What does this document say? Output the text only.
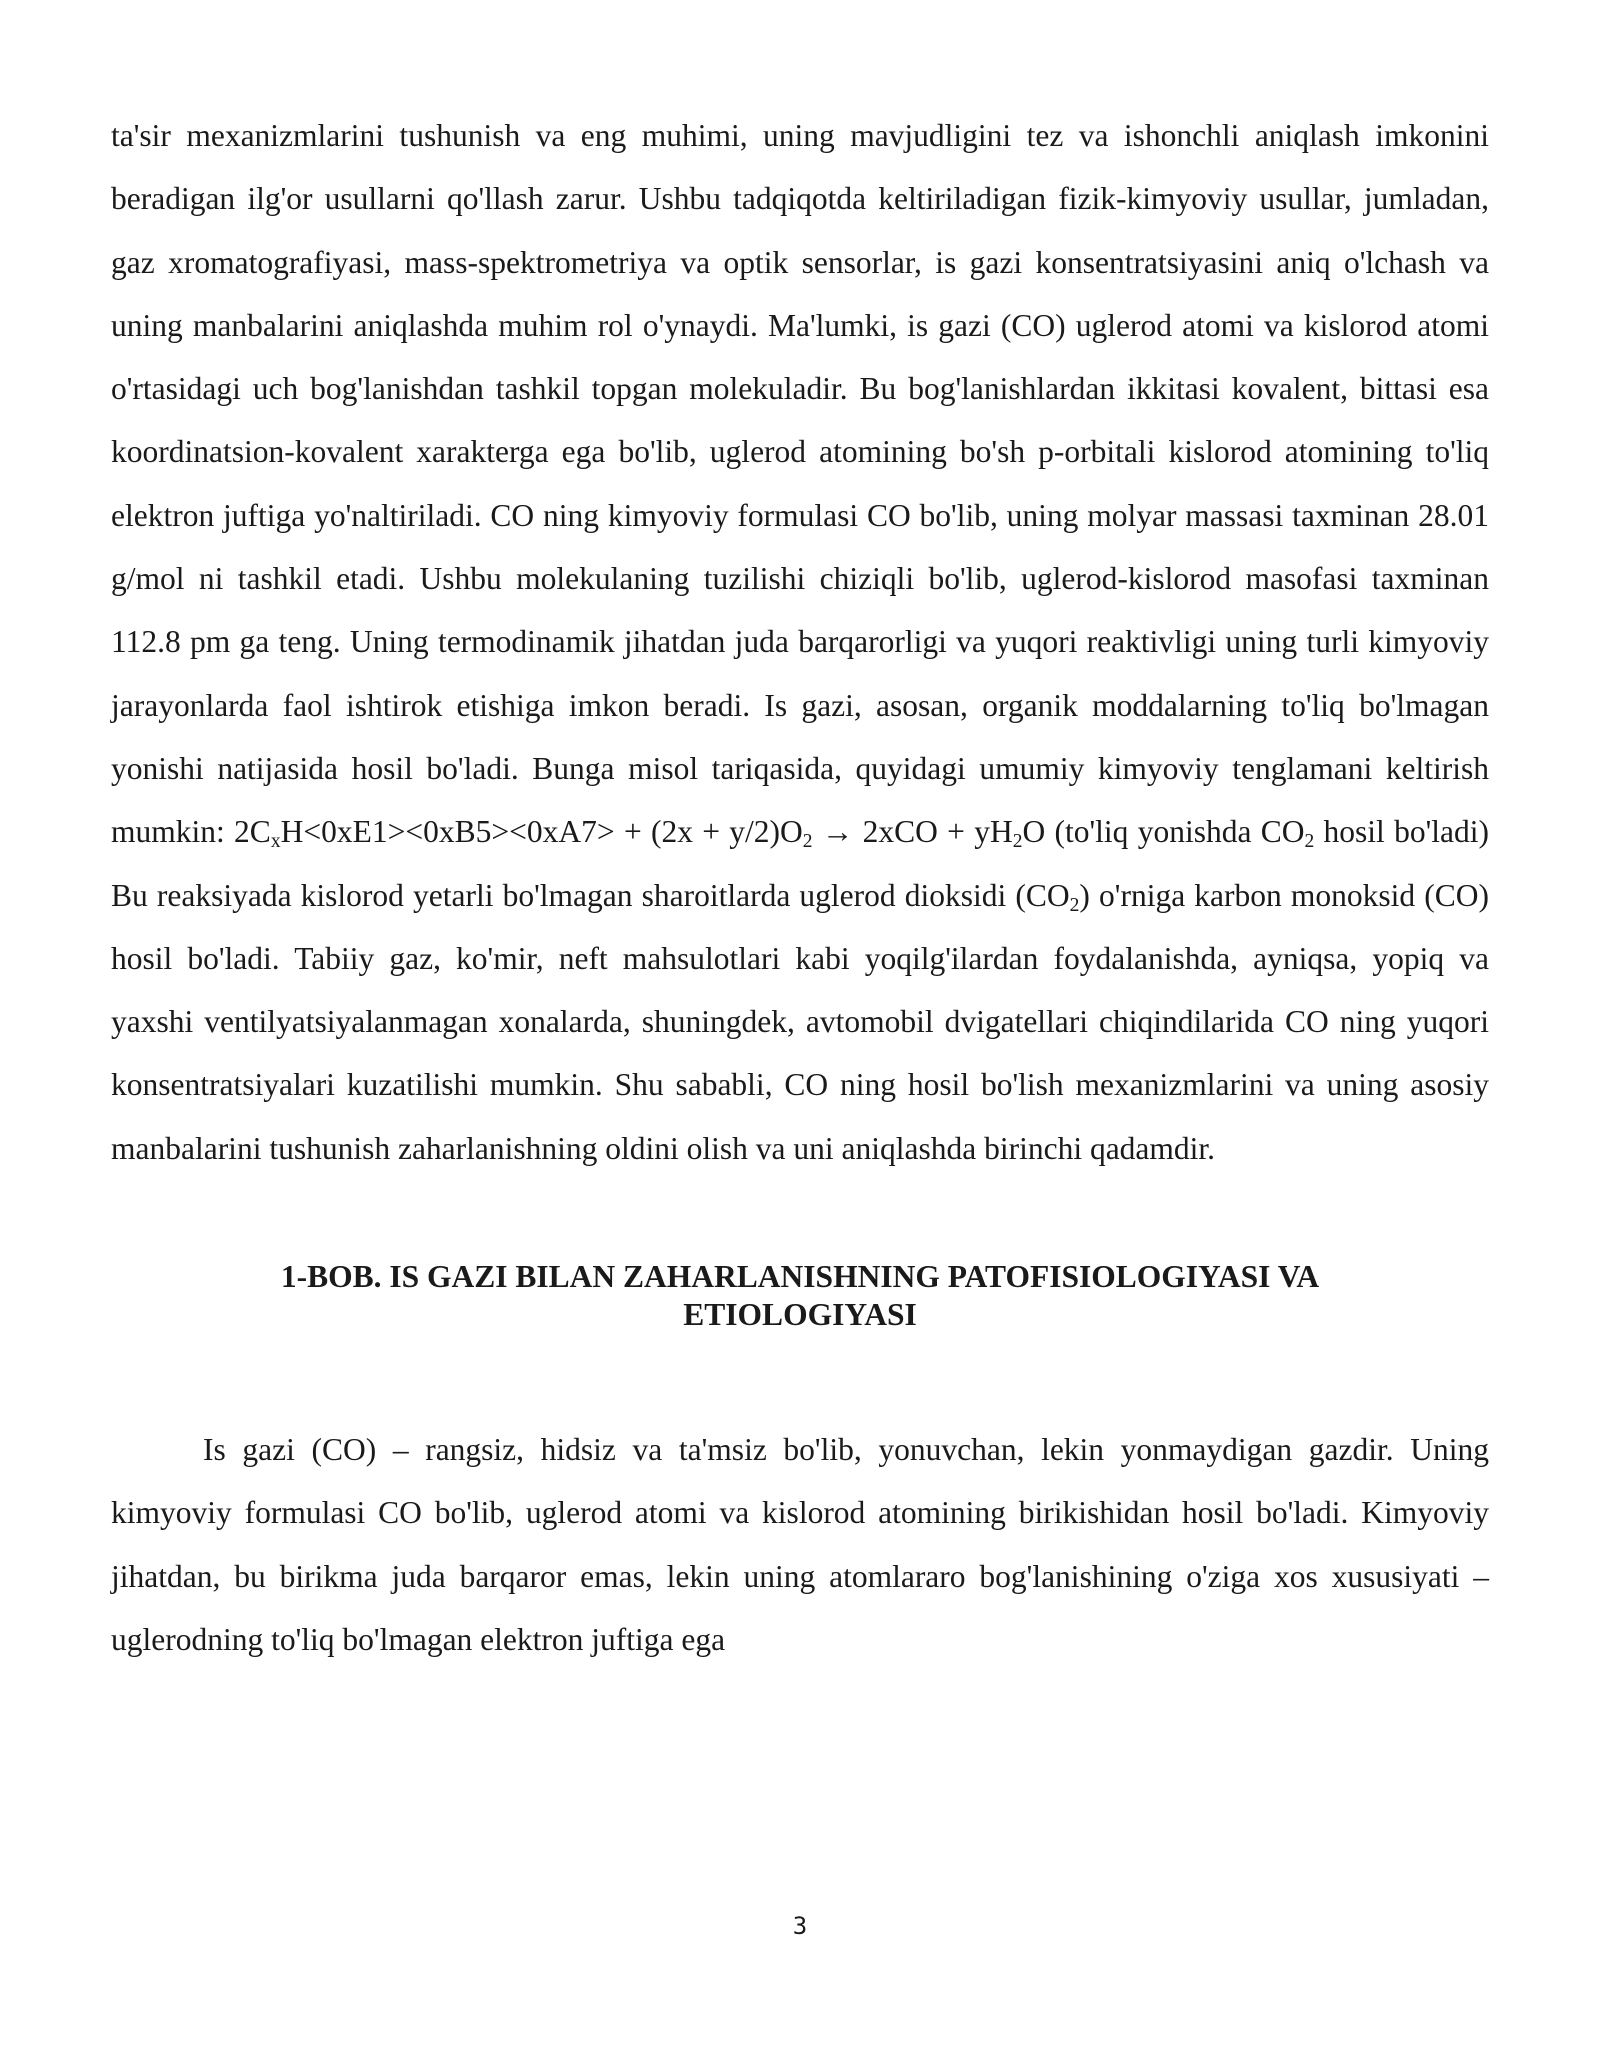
ta'sir mexanizmlarini tushunish va eng muhimi, uning mavjudligini tez va ishonchli aniqlash imkonini beradigan ilg'or usullarni qo'llash zarur. Ushbu tadqiqotda keltiriladigan fizik-kimyoviy usullar, jumladan, gaz xromatografiyasi, mass-spektrometriya va optik sensorlar, is gazi konsentratsiyasini aniq o'lchash va uning manbalarini aniqlashda muhim rol o'ynaydi. Ma'lumki, is gazi (CO) uglerod atomi va kislorod atomi o'rtasidagi uch bog'lanishdan tashkil topgan molekuladir. Bu bog'lanishlardan ikkitasi kovalent, bittasi esa koordinatsion-kovalent xarakterga ega bo'lib, uglerod atomining bo'sh p-orbitali kislorod atomining to'liq elektron juftiga yo'naltiriladi. CO ning kimyoviy formulasi CO bo'lib, uning molyar massasi taxminan 28.01 g/mol ni tashkil etadi. Ushbu molekulaning tuzilishi chiziqli bo'lib, uglerod-kislorod masofasi taxminan 112.8 pm ga teng. Uning termodinamik jihatdan juda barqarorligi va yuqori reaktivligi uning turli kimyoviy jarayonlarda faol ishtirok etishiga imkon beradi. Is gazi, asosan, organik moddalarning to'liq bo'lmagan yonishi natijasida hosil bo'ladi. Bunga misol tariqasida, quyidagi umumiy kimyoviy tenglamani keltirish mumkin: $2C_xH<0xE1><0xB5><0xA7> + (2x + y/2)O_2 \to 2xCO + yH_2O$ (to'liq yonishda $CO_2$ hosil bo'ladi) Bu reaksiyada kislorod yetarli bo'lmagan sharoitlarda uglerod dioksidi $(CO_2)$ o'rniga karbon monoksid (CO) hosil bo'ladi. Tabiiy gaz, ko'mir, neft mahsulotlari kabi yoqilg'ilardan foydalanishda, ayniqsa, yopiq va yaxshi ventilyatsiyalanmagan xonalarda, shuningdek, avtomobil dvigatellari chiqindilarida CO ning yuqori konsentratsiyalari kuzatilishi mumkin. Shu sababli, CO ning hosil bo'lish mexanizmlarini va uning asosiy manbalarini tushunish zaharlanishning oldini olish va uni aniqlashda birinchi qadamdir.

1-BOB. IS GAZI BILAN ZAHARLANISHNING PATOFISIOLOGIYASI VA
ETIOLOGIYASI

Is gazi (CO) – rangsiz, hidsiz va ta'msiz bo'lib, yonuvchan, lekin yonmaydigan gazdir. Uning kimyoviy formulasi CO bo'lib, uglerod atomi va kislorod atomining birikishidan hosil bo'ladi. Kimyoviy jihatdan, bu birikma juda barqaror emas, lekin uning atomlararo bog'lanishining o'ziga xos xususiyati – uglerodning to'liq bo'lmagan elektron juftiga ega

3
